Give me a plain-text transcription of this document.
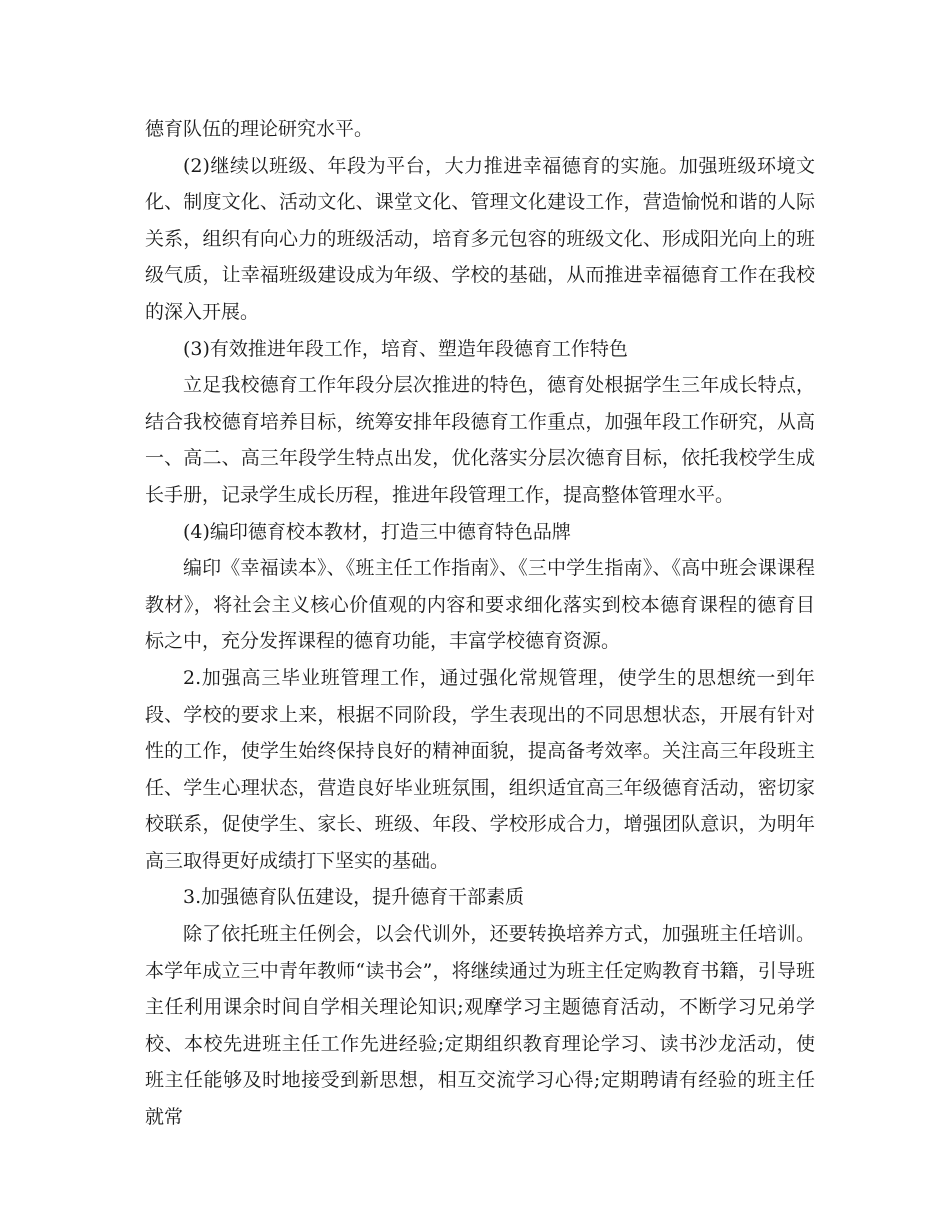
德育队伍的理论研究水平。

(2)继续以班级、年段为平台，大力推进幸福德育的实施。加强班级环境文化、制度文化、活动文化、课堂文化、管理文化建设工作，营造愉悦和谐的人际关系，组织有向心力的班级活动，培育多元包容的班级文化、形成阳光向上的班级气质，让幸福班级建设成为年级、学校的基础，从而推进幸福德育工作在我校的深入开展。

(3)有效推进年段工作，培育、塑造年段德育工作特色

立足我校德育工作年段分层次推进的特色，德育处根据学生三年成长特点，结合我校德育培养目标，统筹安排年段德育工作重点，加强年段工作研究，从高一、高二、高三年段学生特点出发，优化落实分层次德育目标，依托我校学生成长手册，记录学生成长历程，推进年段管理工作，提高整体管理水平。

(4)编印德育校本教材，打造三中德育特色品牌

编印《幸福读本》、《班主任工作指南》、《三中学生指南》、《高中班会课课程教材》，将社会主义核心价值观的内容和要求细化落实到校本德育课程的德育目标之中，充分发挥课程的德育功能，丰富学校德育资源。

2.加强高三毕业班管理工作，通过强化常规管理，使学生的思想统一到年段、学校的要求上来，根据不同阶段，学生表现出的不同思想状态，开展有针对性的工作，使学生始终保持良好的精神面貌，提高备考效率。关注高三年段班主任、学生心理状态，营造良好毕业班氛围，组织适宜高三年级德育活动，密切家校联系，促使学生、家长、班级、年段、学校形成合力，增强团队意识，为明年高三取得更好成绩打下坚实的基础。

3.加强德育队伍建设，提升德育干部素质

除了依托班主任例会，以会代训外，还要转换培养方式，加强班主任培训。本学年成立三中青年教师“读书会”，将继续通过为班主任定购教育书籍，引导班主任利用课余时间自学相关理论知识;观摩学习主题德育活动，不断学习兄弟学校、本校先进班主任工作先进经验;定期组织教育理论学习、读书沙龙活动，使班主任能够及时地接受到新思想，相互交流学习心得;定期聘请有经验的班主任就常
